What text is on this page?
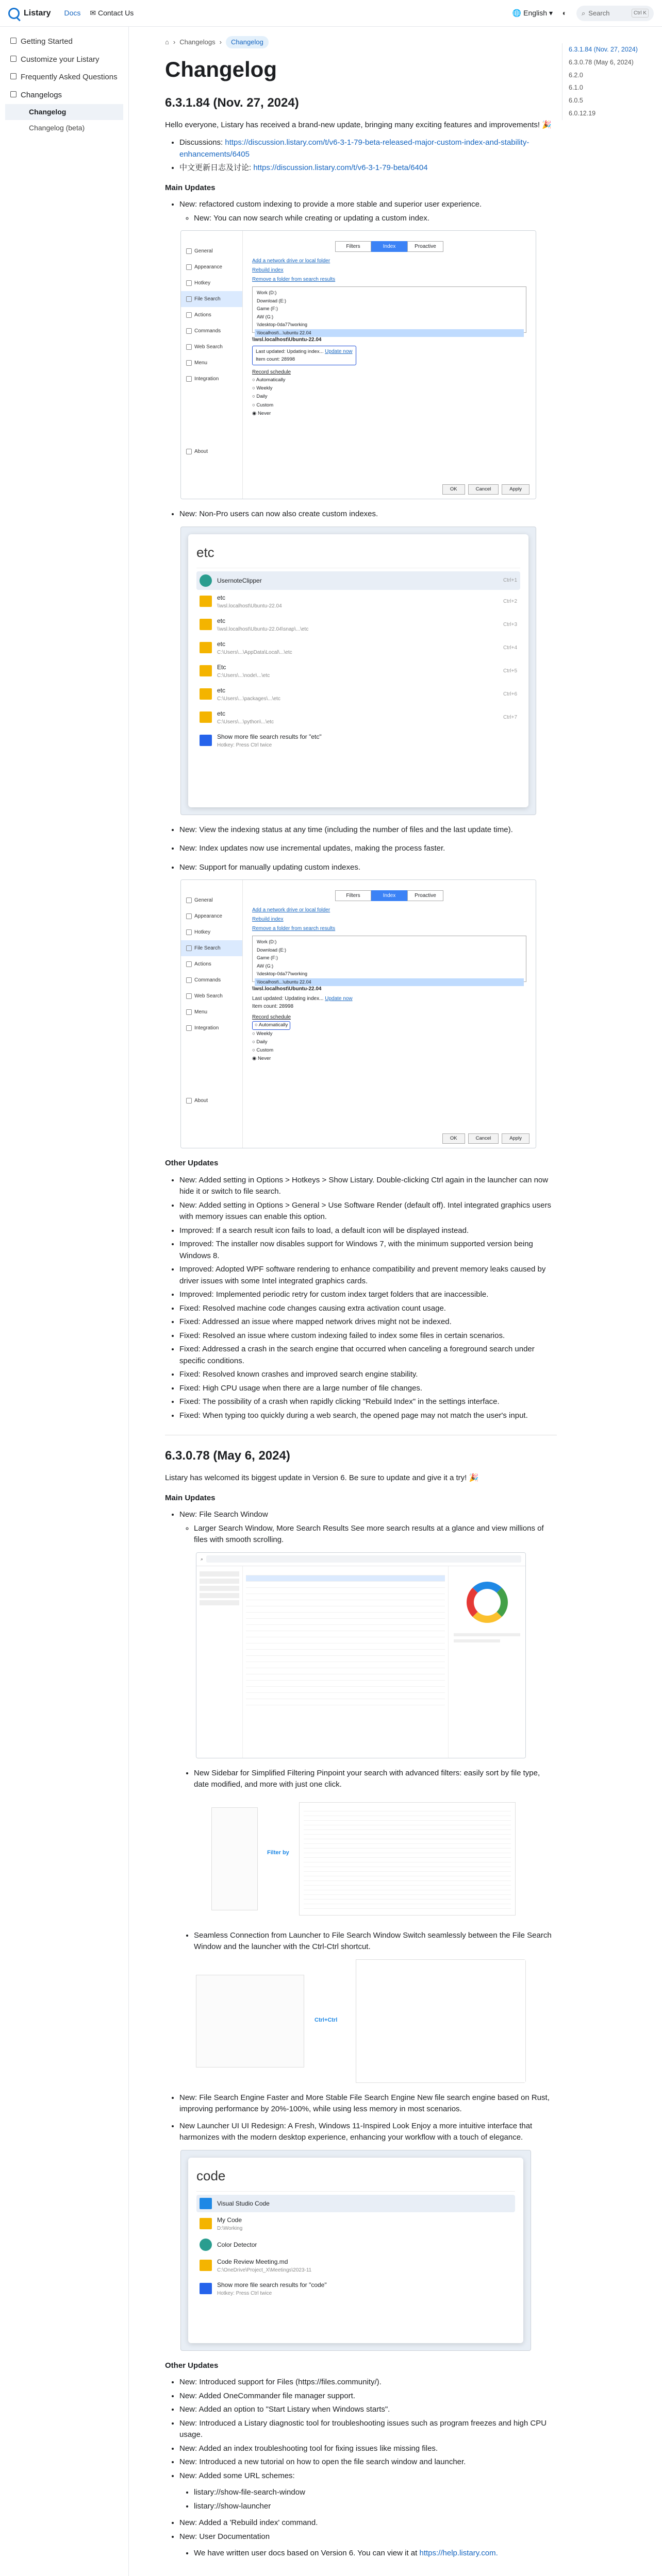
Listary Docs ✉ Contact Us	🌐 English ▾	◐	⌕ Search	Ctrl K
Getting Started
Customize your Listary
Frequently Asked Questions
Changelogs
Changelog
Changelog (beta)
6.3.1.84 (Nov. 27, 2024)
6.3.0.78 (May 6, 2024)
6.2.0
6.1.0
6.0.5
6.0.12.19
⌂ › Changelogs ›	Changelog
Changelog
6.3.1.84 (Nov. 27, 2024)

Hello everyone, Listary has received a brand-new update, bringing many exciting features and improvements! 🎉

• Discussions: https://discussion.listary.com/t/v6-3-1-79-beta-released-major-custom-index-and-stability-enhancements/6405
• 中文更新日志及讨论: https://discussion.listary.com/t/v6-3-1-79-beta/6404
Main Updates
• New: refactored custom indexing to provide a more stable and superior user experience.
◦ New: You can now search while creating or updating a custom index.
General
Appearance
Hotkey
File Search
Actions
Commands
Web Search
Menu
Integration
About
Filters	Index	Proactive
Add a network drive or local folder
Rebuild index
Remove a folder from search results
Work (D:)
Download (E:)
Game (F:)
AW (G:)
\\desktop-0da77\working
\\localhost\...\ubuntu 22.04
\\wsl.localhost\Ubuntu-22.04
Last updated: Updating index... Update now
Item count: 28998
Record schedule
○ Automatically
○ Weekly
○ Daily
○ Custom
◉ Never
OK	Cancel	Apply
• New: Non-Pro users can now also create custom indexes.
etc
UsernoteClipper	Ctrl+1
etc
\\wsl.localhost\Ubuntu-22.04
Ctrl+2
etc
\\wsl.localhost\Ubuntu-22.04\snap\...\etc
Ctrl+3
etc
C:\Users\...\AppData\Local\...\etc
Ctrl+4
Etc
C:\Users\...\node\...\etc
Ctrl+5
etc
C:\Users\...\packages\...\etc
Ctrl+6
etc
C:\Users\...\python\...\etc
Ctrl+7
Show more file search results for "etc"
Hotkey: Press Ctrl twice
• New: View the indexing status at any time (including the number of files and the last update time).
• New: Index updates now use incremental updates, making the process faster.
• New: Support for manually updating custom indexes.
General
Appearance
Hotkey
File Search
Actions
Commands
Web Search
Menu
Integration
About
Filters	Index	Proactive
Add a network drive or local folder
Rebuild index
Remove a folder from search results
Work (D:)
Download (E:)
Game (F:)
AW (G:)
\\desktop-0da77\working
\\localhost\...\ubuntu 22.04
\\wsl.localhost\Ubuntu-22.04
Last updated: Updating index... Update now
Item count: 28998
Record schedule
○ Automatically
○ Weekly
○ Daily
○ Custom
◉ Never
OK	Cancel	Apply
Other Updates
• New: Added setting in Options > Hotkeys > Show Listary. Double-clicking Ctrl again in the launcher can now hide it or switch to file search.
• New: Added setting in Options > General > Use Software Render (default off). Intel integrated graphics users with memory issues can enable this option.
• Improved: If a search result icon fails to load, a default icon will be displayed instead.
• Improved: The installer now disables support for Windows 7, with the minimum supported version being Windows 8.
• Improved: Adopted WPF software rendering to enhance compatibility and prevent memory leaks caused by driver issues with some Intel integrated graphics cards.
• Improved: Implemented periodic retry for custom index target folders that are inaccessible.
• Fixed: Resolved machine code changes causing extra activation count usage.
• Fixed: Addressed an issue where mapped network drives might not be indexed.
• Fixed: Resolved an issue where custom indexing failed to index some files in certain scenarios.
• Fixed: Addressed a crash in the search engine that occurred when canceling a foreground search under specific conditions.
• Fixed: Resolved known crashes and improved search engine stability.
• Fixed: High CPU usage when there are a large number of file changes.
• Fixed: The possibility of a crash when rapidly clicking "Rebuild Index" in the settings interface.
• Fixed: When typing too quickly during a web search, the opened page may not match the user's input.
6.3.0.78 (May 6, 2024)

Listary has welcomed its biggest update in Version 6. Be sure to update and give it a try! 🎉

Main Updates
• New: File Search Window
◦ Larger Search Window, More Search Results See more search results at a glance and view millions of files with smooth scrolling.
⌕
• New Sidebar for Simplified Filtering Pinpoint your search with advanced filters: easily sort by file type, date modified, and more with just one click.
Filter by
• Seamless Connection from Launcher to File Search Window Switch seamlessly between the File Search Window and the launcher with the Ctrl-Ctrl shortcut.
Ctrl+Ctrl
• New: File Search Engine Faster and More Stable File Search Engine New file search engine based on Rust, improving performance by 20%-100%, while using less memory in most scenarios.
• New Launcher UI UI Redesign: A Fresh, Windows 11-Inspired Look Enjoy a more intuitive interface that harmonizes with the modern desktop experience, enhancing your workflow with a touch of elegance.
code
Visual Studio Code
My Code
D:\Working
Color Detector
Code Review Meeting.md
C:\OneDrive\Project_X\Meetings\2023-11
Show more file search results for "code"
Hotkey: Press Ctrl twice
Other Updates
• New: Introduced support for Files (https://files.community/).
• New: Added OneCommander file manager support.
• New: Added an option to "Start Listary when Windows starts".
• New: Introduced a Listary diagnostic tool for troubleshooting issues such as program freezes and high CPU usage.
• New: Added an index troubleshooting tool for fixing issues like missing files.
• New: Introduced a new tutorial on how to open the file search window and launcher.
• New: Added some URL schemes:
• listary://show-file-search-window
• listary://show-launcher
• New: Added a 'Rebuild index' command.
• New: User Documentation
• We have written user docs based on Version 6. You can view it at https://help.listary.com.
